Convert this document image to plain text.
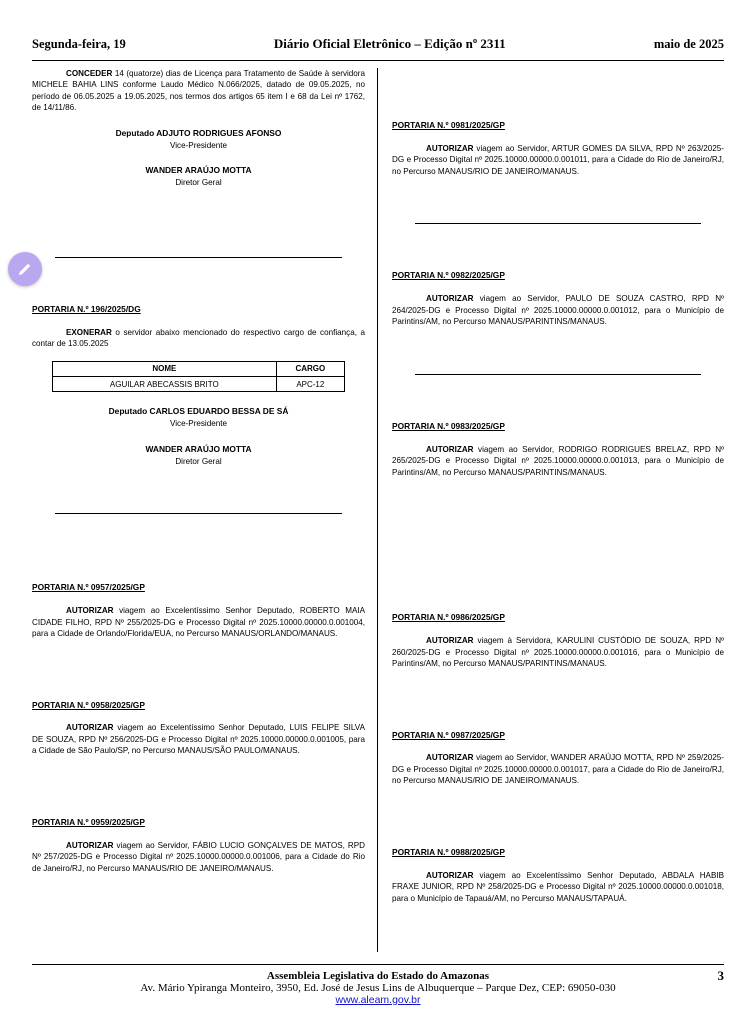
Segunda-feira, 19	Diário Oficial Eletrônico – Edição nº 2311	maio de 2025

CONCEDER 14 (quatorze) dias de Licença para Tratamento de Saúde à servidora MICHELE BAHIA LINS conforme Laudo Médico N.066/2025, datado de 09.05.2025, no período de 06.05.2025 a 19.05.2025, nos termos dos artigos 65 item I e 68 da Lei nº 1762, de 14/11/86.

Deputado ADJUTO RODRIGUES AFONSO
Vice-Presidente
WANDER ARAÚJO MOTTA
Diretor Geral
PORTARIA N.º 196/2025/DG

EXONERAR o servidor abaixo mencionado do respectivo cargo de confiança, a contar de 13.05.2025

NOME	CARGO
AGUILAR ABECASSIS BRITO	APC-12
Deputado CARLOS EDUARDO BESSA DE SÁ
Vice-Presidente
WANDER ARAÚJO MOTTA
Diretor Geral
PORTARIA N.º 0957/2025/GP

AUTORIZAR viagem ao Excelentíssimo Senhor Deputado, ROBERTO MAIA CIDADE FILHO, RPD Nº 255/2025-DG e Processo Digital nº 2025.10000.00000.0.001004, para a Cidade de Orlando/Florida/EUA, no Percurso MANAUS/ORLANDO/MANAUS.

PORTARIA N.º 0958/2025/GP

AUTORIZAR viagem ao Excelentíssimo Senhor Deputado, LUIS FELIPE SILVA DE SOUZA, RPD Nº 256/2025-DG e Processo Digital nº 2025.10000.00000.0.001005, para a Cidade de São Paulo/SP, no Percurso MANAUS/SÃO PAULO/MANAUS.

PORTARIA N.º 0959/2025/GP

AUTORIZAR viagem ao Servidor, FÁBIO LUCIO GONÇALVES DE MATOS, RPD Nº 257/2025-DG e Processo Digital nº 2025.10000.00000.0.001006, para a Cidade do Rio de Janeiro/RJ, no Percurso MANAUS/RIO DE JANEIRO/MANAUS.

PORTARIA N.º 0981/2025/GP

AUTORIZAR viagem ao Servidor, ARTUR GOMES DA SILVA, RPD Nº 263/2025-DG e Processo Digital nº 2025.10000.00000.0.001011, para a Cidade do Rio de Janeiro/RJ, no Percurso MANAUS/RIO DE JANEIRO/MANAUS.

PORTARIA N.º 0982/2025/GP

AUTORIZAR viagem ao Servidor, PAULO DE SOUZA CASTRO, RPD Nº 264/2025-DG e Processo Digital nº 2025.10000.00000.0.001012, para o Município de Parintins/AM, no Percurso MANAUS/PARINTINS/MANAUS.

PORTARIA N.º 0983/2025/GP

AUTORIZAR viagem ao Servidor, RODRIGO RODRIGUES BRELAZ, RPD Nº 265/2025-DG e Processo Digital nº 2025.10000.00000.0.001013, para o Município de Parintins/AM, no Percurso MANAUS/PARINTINS/MANAUS.

PORTARIA N.º 0986/2025/GP

AUTORIZAR viagem à Servidora, KARULINI CUSTÓDIO DE SOUZA, RPD Nº 260/2025-DG e Processo Digital nº 2025.10000.00000.0.001016, para o Município de Parintins/AM, no Percurso MANAUS/PARINTINS/MANAUS.

PORTARIA N.º 0987/2025/GP

AUTORIZAR viagem ao Servidor, WANDER ARAÚJO MOTTA, RPD Nº 259/2025-DG e Processo Digital nº 2025.10000.00000.0.001017, para a Cidade do Rio de Janeiro/RJ, no Percurso MANAUS/RIO DE JANEIRO/MANAUS.

PORTARIA N.º 0988/2025/GP

AUTORIZAR viagem ao Excelentíssimo Senhor Deputado, ABDALA HABIB FRAXE JUNIOR, RPD Nº 258/2025-DG e Processo Digital nº 2025.10000.00000.0.001018, para o Município de Tapauá/AM, no Percurso MANAUS/TAPAUÁ.

3
Assembleia Legislativa do Estado do Amazonas
Av. Mário Ypiranga Monteiro, 3950, Ed. José de Jesus Lins de Albuquerque – Parque Dez, CEP: 69050-030
www.aleam.gov.br
